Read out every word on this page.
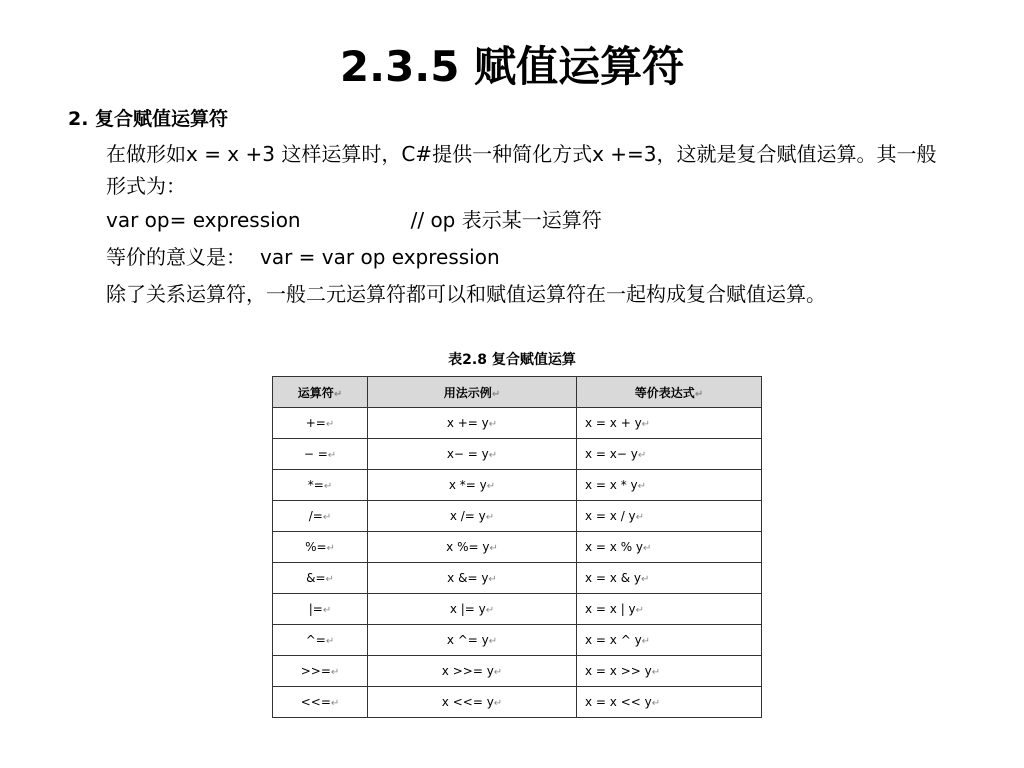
2.3.5 赋值运算符
2. 复合赋值运算符
在做形如x = x +3 这样运算时，C#提供一种简化方式x +=3，这就是复合赋值运算。其一般形式为：
var op= expression	// op 表示某一运算符
等价的意义是： var = var op expression
除了关系运算符，一般二元运算符都可以和赋值运算符在一起构成复合赋值运算。
表2.8 复合赋值运算
运算符↵	用法示例↵	等价表达式↵
+=↵	x += y↵	x = x + y↵
− =↵	x− = y↵	x = x− y↵
*=↵	x *= y↵	x = x * y↵
/=↵	x /= y↵	x = x / y↵
%=↵	x %= y↵	x = x % y↵
&=↵	x &= y↵	x = x & y↵
|=↵	x |= y↵	x = x | y↵
^=↵	x ^= y↵	x = x ^ y↵
>>=↵	x >>= y↵	x = x >> y↵
<<=↵	x <<= y↵	x = x << y↵
